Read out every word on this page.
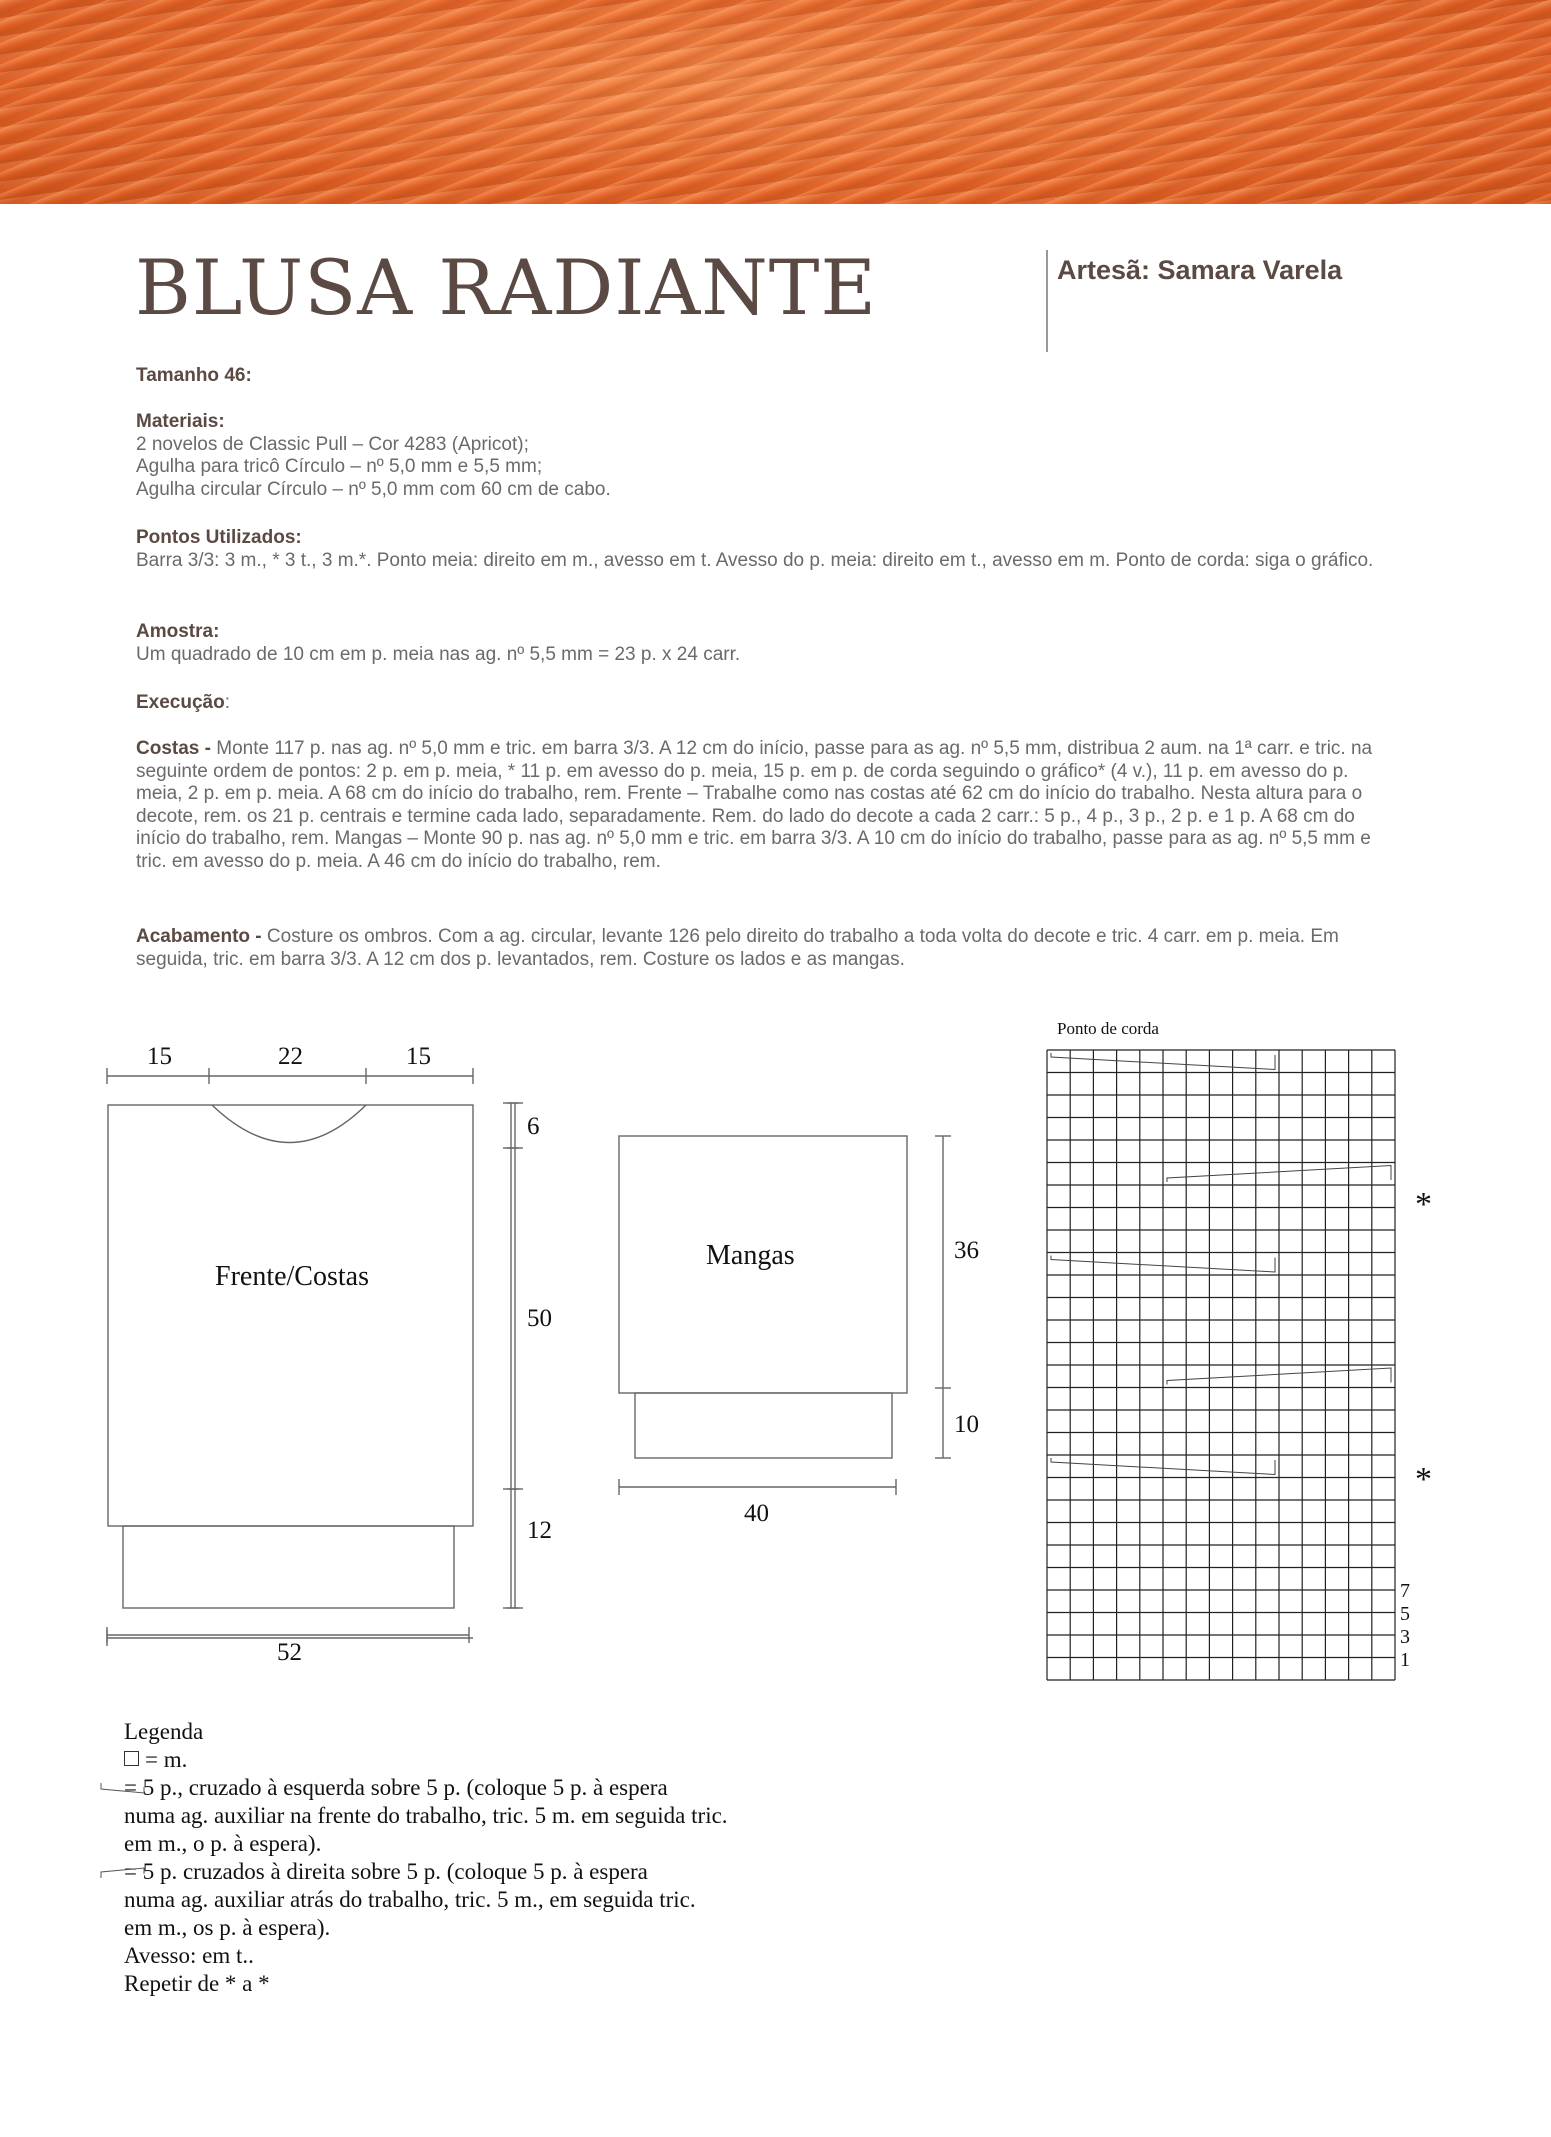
BLUSA RADIANTE	Artesã: Samara Varela
Tamanho 46:

Materiais:

2 novelos de Classic Pull – Cor 4283 (Apricot);

Agulha para tricô Círculo – nº 5,0 mm e 5,5 mm;

Agulha circular Círculo – nº 5,0 mm com 60 cm de cabo.

Pontos Utilizados:

Barra 3/3: 3 m., * 3 t., 3 m.*. Ponto meia: direito em m., avesso em t. Avesso do p. meia: direito em t., avesso em m. Ponto de corda: siga o gráfico.

Amostra:

Um quadrado de 10 cm em p. meia nas ag. nº 5,5 mm = 23 p. x 24 carr.

Execução:

Costas - Monte 117 p. nas ag. nº 5,0 mm e tric. em barra 3/3. A 12 cm do início, passe para as ag. nº 5,5 mm, distribua 2 aum. na 1ª carr. e tric. na seguinte ordem de pontos: 2 p. em p. meia, * 11 p. em avesso do p. meia, 15 p. em p. de corda seguindo o gráfico* (4 v.), 11 p. em avesso do p. meia, 2 p. em p. meia. A 68 cm do início do trabalho, rem. Frente – Trabalhe como nas costas até 62 cm do início do trabalho. Nesta altura para o decote, rem. os 21 p. centrais e termine cada lado, separadamente. Rem. do lado do decote a cada 2 carr.: 5 p., 4 p., 3 p., 2 p. e 1 p. A 68 cm do início do trabalho, rem. Mangas – Monte 90 p. nas ag. nº 5,0 mm e tric. em barra 3/3. A 10 cm do início do trabalho, passe para as ag. nº 5,5 mm e tric. em avesso do p. meia. A 46 cm do início do trabalho, rem.

Acabamento - Costure os ombros. Com a ag. circular, levante 126 pelo direito do trabalho a toda volta do decote e tric. 4 carr. em p. meia. Em seguida, tric. em barra 3/3. A 12 cm dos p. levantados, rem. Costure os lados e as mangas.

15	22	15
Frente/Costas
6
50
12
52
Mangas	36
10
40
Ponto de corda
*
*
7
5
3
1

Legenda

= m.

= 5 p., cruzado à esquerda sobre 5 p. (coloque 5 p. à espera

numa ag. auxiliar na frente do trabalho, tric. 5 m. em seguida tric.

em m., o p. à espera).

= 5 p. cruzados à direita sobre 5 p. (coloque 5 p. à espera

numa ag. auxiliar atrás do trabalho, tric. 5 m., em seguida tric.

em m., os p. à espera).

Avesso: em t..

Repetir de * a *
